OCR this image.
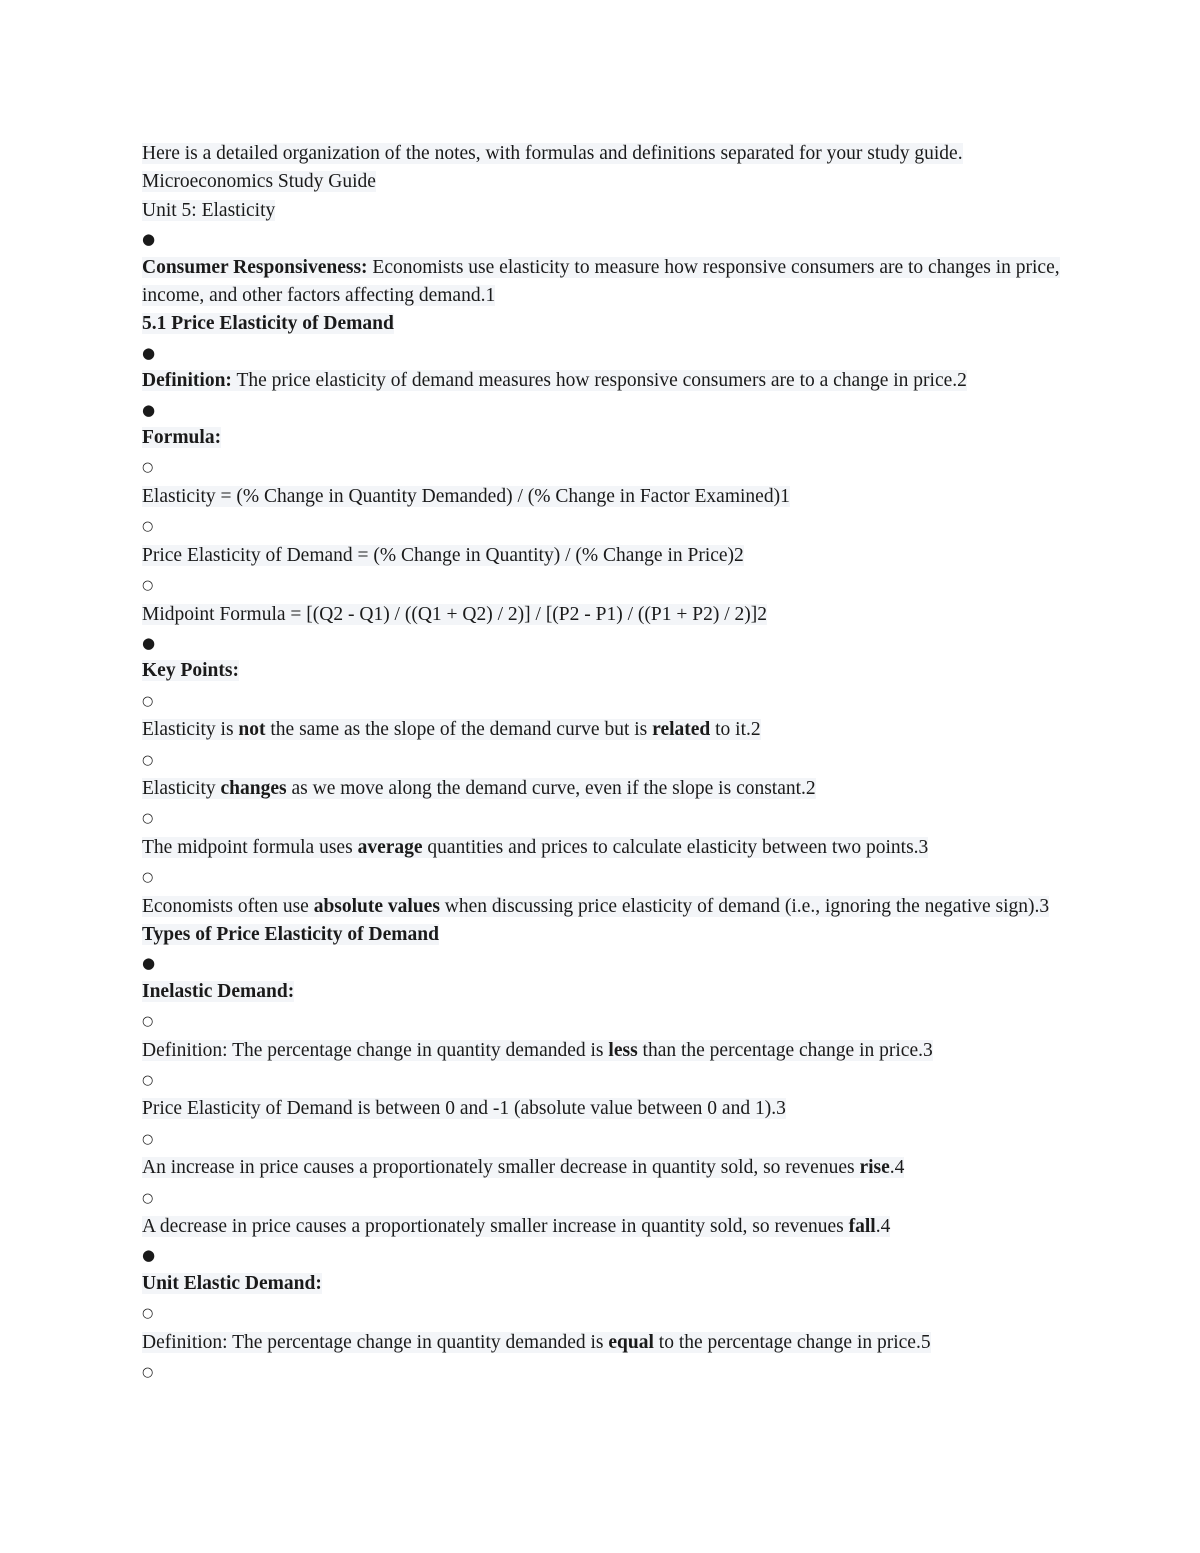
Here is a detailed organization of the notes, with formulas and definitions separated for your study guide.
Microeconomics Study Guide
Unit 5: Elasticity
●
Consumer Responsiveness: Economists use elasticity to measure how responsive consumers are to changes in price, income, and other factors affecting demand.1
5.1 Price Elasticity of Demand
●
Definition: The price elasticity of demand measures how responsive consumers are to a change in price.2
●
Formula:
○
Elasticity = (% Change in Quantity Demanded) / (% Change in Factor Examined)1
○
Price Elasticity of Demand = (% Change in Quantity) / (% Change in Price)2
○
Midpoint Formula = [(Q2 - Q1) / ((Q1 + Q2) / 2)] / [(P2 - P1) / ((P1 + P2) / 2)]2
●
Key Points:
○
Elasticity is not the same as the slope of the demand curve but is related to it.2
○
Elasticity changes as we move along the demand curve, even if the slope is constant.2
○
The midpoint formula uses average quantities and prices to calculate elasticity between two points.3
○
Economists often use absolute values when discussing price elasticity of demand (i.e., ignoring the negative sign).3
Types of Price Elasticity of Demand
●
Inelastic Demand:
○
Definition: The percentage change in quantity demanded is less than the percentage change in price.3
○
Price Elasticity of Demand is between 0 and -1 (absolute value between 0 and 1).3
○
An increase in price causes a proportionately smaller decrease in quantity sold, so revenues rise.4
○
A decrease in price causes a proportionately smaller increase in quantity sold, so revenues fall.4
●
Unit Elastic Demand:
○
Definition: The percentage change in quantity demanded is equal to the percentage change in price.5
○
